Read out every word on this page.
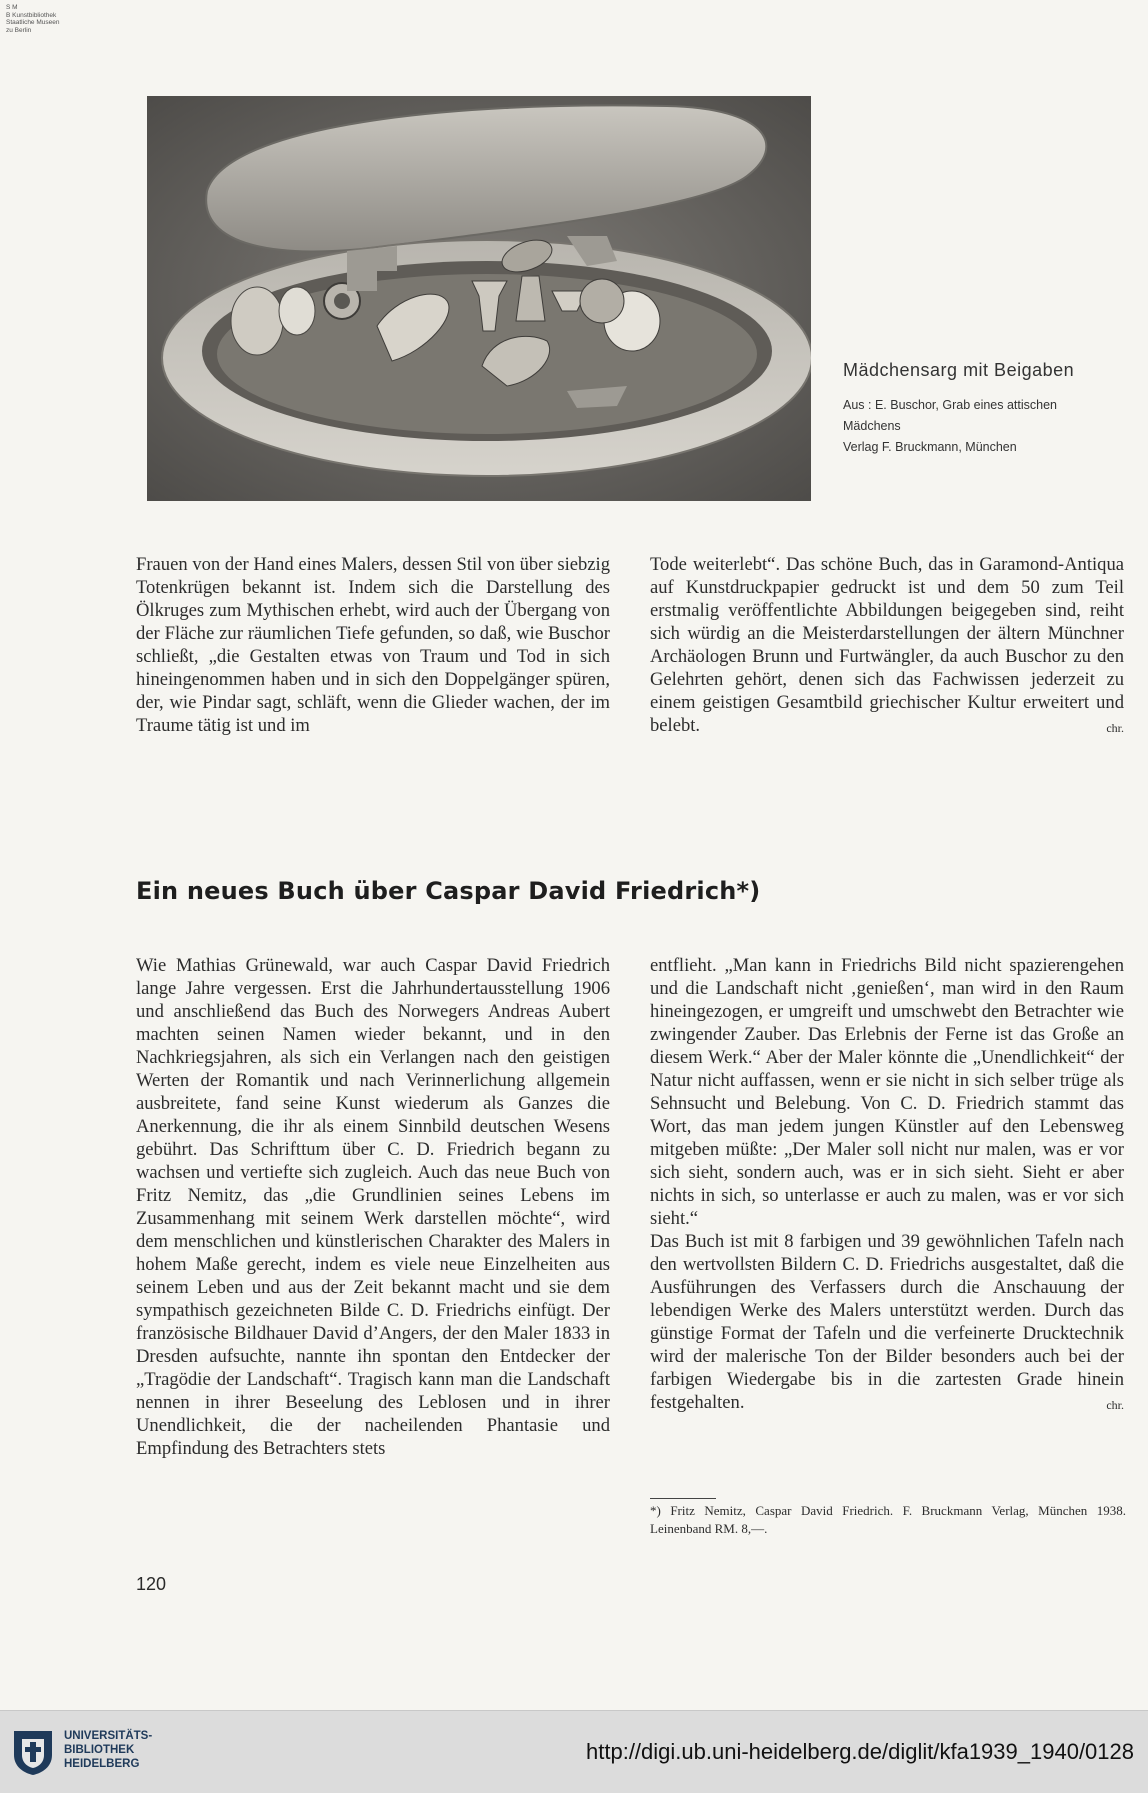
S M
B Kunstbibliothek
Staatliche Museen
zu Berlin
Mädchensarg mit Beigaben
Aus : E. Buschor, Grab eines attischen
Mädchens
Verlag F. Bruckmann, München

Frauen von der Hand eines Malers, dessen Stil von über siebzig Totenkrügen bekannt ist. Indem sich die Darstellung des Ölkruges zum Mythischen erhebt, wird auch der Übergang von der Fläche zur räumlichen Tiefe gefunden, so daß, wie Buschor schließt, „die Gestalten etwas von Traum und Tod in sich hineingenommen haben und in sich den Doppelgänger spüren, der, wie Pindar sagt, schläft, wenn die Glieder wachen, der im Traume tätig ist und im

Tode weiterlebt“. Das schöne Buch, das in Garamond-Antiqua auf Kunstdruckpapier gedruckt ist und dem 50 zum Teil erstmalig veröffentlichte Abbildungen beigegeben sind, reiht sich würdig an die Meisterdarstellungen der ältern Münchner Archäologen Brunn und Furtwängler, da auch Buschor zu den Gelehrten gehört, denen sich das Fachwissen jederzeit zu einem geistigen Gesamtbild griechischer Kultur erweitert und belebt.	chr.
Ein neues Buch über Caspar David Friedrich*)

Wie Mathias Grünewald, war auch Caspar David Friedrich lange Jahre vergessen. Erst die Jahrhundertausstellung 1906 und anschließend das Buch des Norwegers Andreas Aubert machten seinen Namen wieder bekannt, und in den Nachkriegsjahren, als sich ein Verlangen nach den geistigen Werten der Romantik und nach Verinnerlichung allgemein ausbreitete, fand seine Kunst wiederum als Ganzes die Anerkennung, die ihr als einem Sinnbild deutschen Wesens gebührt. Das Schrifttum über C. D. Friedrich begann zu wachsen und vertiefte sich zugleich. Auch das neue Buch von Fritz Nemitz, das „die Grundlinien seines Lebens im Zusammenhang mit seinem Werk darstellen möchte“, wird dem menschlichen und künstlerischen Charakter des Malers in hohem Maße gerecht, indem es viele neue Einzelheiten aus seinem Leben und aus der Zeit bekannt macht und sie dem sympathisch gezeichneten Bilde C. D. Friedrichs einfügt. Der französische Bildhauer David d’Angers, der den Maler 1833 in Dresden aufsuchte, nannte ihn spontan den Entdecker der „Tragödie der Landschaft“. Tragisch kann man die Landschaft nennen in ihrer Beseelung des Leblosen und in ihrer Unendlichkeit, die der nacheilenden Phantasie und Empfindung des Betrachters stets

entflieht. „Man kann in Friedrichs Bild nicht spazierengehen und die Landschaft nicht ‚genießen‘, man wird in den Raum hineingezogen, er umgreift und umschwebt den Betrachter wie zwingender Zauber. Das Erlebnis der Ferne ist das Große an diesem Werk.“ Aber der Maler könnte die „Unendlichkeit“ der Natur nicht auffassen, wenn er sie nicht in sich selber trüge als Sehnsucht und Belebung. Von C. D. Friedrich stammt das Wort, das man jedem jungen Künstler auf den Lebensweg mitgeben müßte: „Der Maler soll nicht nur malen, was er vor sich sieht, sondern auch, was er in sich sieht. Sieht er aber nichts in sich, so unterlasse er auch zu malen, was er vor sich sieht.“

Das Buch ist mit 8 farbigen und 39 gewöhnlichen Tafeln nach den wertvollsten Bildern C. D. Friedrichs ausgestaltet, daß die Ausführungen des Verfassers durch die Anschauung der lebendigen Werke des Malers unterstützt werden. Durch das günstige Format der Tafeln und die verfeinerte Drucktechnik wird der malerische Ton der Bilder besonders auch bei der farbigen Wiedergabe bis in die zartesten Grade hinein festgehalten.	chr.
*) Fritz Nemitz, Caspar David Friedrich. F. Bruckmann Verlag, München 1938. Leinenband RM. 8,—.
120
UNIVERSITÄTS-
BIBLIOTHEK
HEIDELBERG	http://digi.ub.uni-heidelberg.de/diglit/kfa1939_1940/0128
